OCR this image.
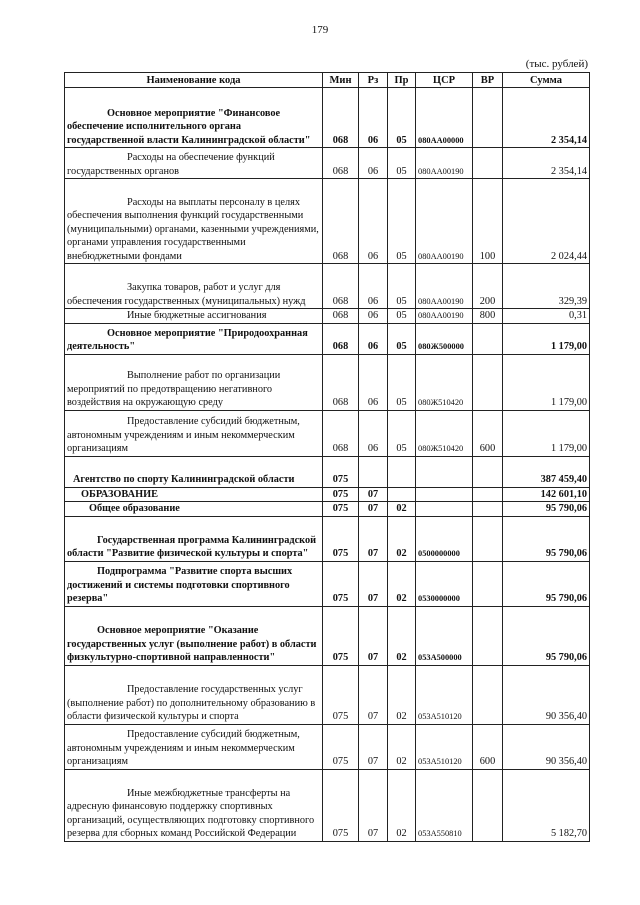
179
(тыс. рублей)
Наименование кода	Мин	Рз	Пр	ЦСР	ВР	Сумма
Основное мероприятие "Финансовое обеспечение исполнительного органа государственной власти Калининградской области"	068	06	05	080АА00000		2 354,14
Расходы на обеспечение функций государственных органов	068	06	05	080АА00190		2 354,14
Расходы на выплаты персоналу в целях обеспечения выполнения функций государственными (муниципальными) органами, казенными учреждениями, органами управления государственными внебюджетными фондами	068	06	05	080АА00190	100	2 024,44
Закупка товаров, работ и услуг для обеспечения государственных (муниципальных) нужд	068	06	05	080АА00190	200	329,39
Иные бюджетные ассигнования	068	06	05	080АА00190	800	0,31
Основное мероприятие "Природоохранная деятельность"	068	06	05	080Ж500000		1 179,00
Выполнение работ по организации мероприятий по предотвращению негативного воздействия на окружающую среду	068	06	05	080Ж510420		1 179,00
Предоставление субсидий бюджетным, автономным учреждениям и иным некоммерческим организациям	068	06	05	080Ж510420	600	1 179,00
Агентство по спорту Калининградской области	075					387 459,40
ОБРАЗОВАНИЕ	075	07				142 601,10
Общее образование	075	07	02			95 790,06
Государственная программа Калининградской области "Развитие физической культуры и спорта"	075	07	02	0500000000		95 790,06
Подпрограмма "Развитие спорта высших достижений и системы подготовки спортивного резерва"	075	07	02	0530000000		95 790,06
Основное мероприятие "Оказание государственных услуг (выполнение работ) в области физкультурно-спортивной направленности"	075	07	02	053А500000		95 790,06
Предоставление государственных услуг (выполнение работ) по дополнительному образованию в области физической культуры и спорта	075	07	02	053А510120		90 356,40
Предоставление субсидий бюджетным, автономным учреждениям и иным некоммерческим организациям	075	07	02	053А510120	600	90 356,40
Иные межбюджетные трансферты на адресную финансовую поддержку спортивных организаций, осуществляющих подготовку спортивного резерва для сборных команд Российской Федерации	075	07	02	053А550810		5 182,70
